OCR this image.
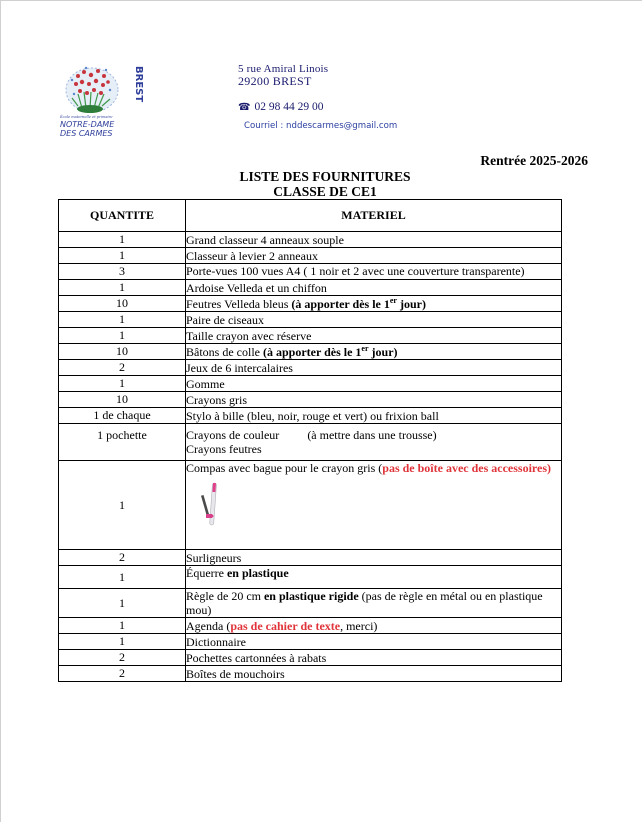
École maternelle et primaire
NOTRE-DAME
DES CARMES
BREST	5 rue Amiral Linois
29200 BREST
☎ 02 98 44 29 00
Courriel : nddescarmes@gmail.com
Rentrée 2025-2026
LISTE DES FOURNITURES
CLASSE DE CE1
QUANTITE	MATERIEL
1	Grand classeur 4 anneaux souple
1	Classeur à levier 2 anneaux
3	Porte-vues 100 vues A4 ( 1 noir et 2 avec une couverture transparente)
1	Ardoise Velleda et un chiffon
10	Feutres Velleda bleus (à apporter dès le 1er jour)
1	Paire de ciseaux
1	Taille crayon avec réserve
10	Bâtons de colle (à apporter dès le 1er jour)
2	Jeux de 6 intercalaires
1	Gomme
10	Crayons gris
1 de chaque	Stylo à bille (bleu, noir, rouge et vert) ou frixion ball
1 pochette	Crayons de couleur (à mettre dans une trousse)
Crayons feutres
1	Compas avec bague pour le crayon gris (pas de boîte avec des accessoires)

2	Surligneurs
1	Équerre en plastique
1	Règle de 20 cm en plastique rigide (pas de règle en métal ou en plastique mou)
1	Agenda (pas de cahier de texte, merci)
1	Dictionnaire
2	Pochettes cartonnées à rabats
2	Boîtes de mouchoirs
